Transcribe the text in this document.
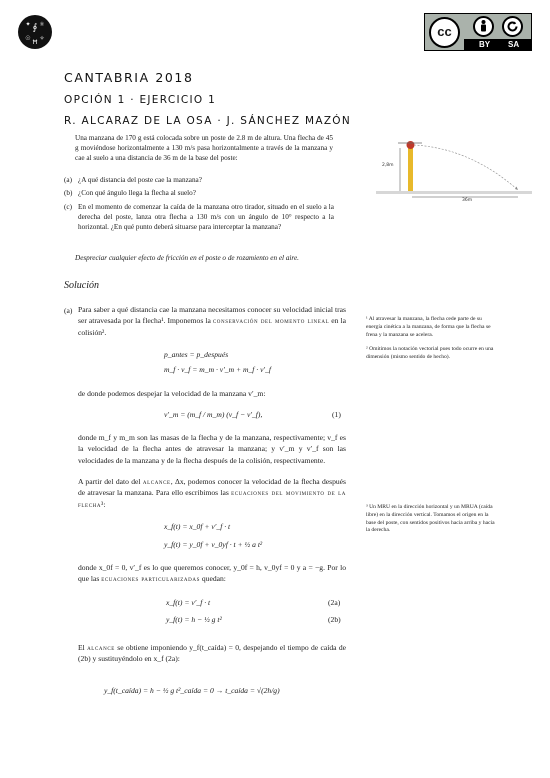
∮
✦ ⚛
☉ ✧
Ħ
cc
BY SA
CANTABRIA 2018
OPCIÓN 1 · EJERCICIO 1
R. ALCARAZ DE LA OSA · J. SÁNCHEZ MAZÓN
Una manzana de 170 g está colocada sobre un poste de 2.8 m de altura. Una flecha de 45 g moviéndose horizontalmente a 130 m/s pasa horizontalmente a través de la manzana y cae al suelo a una distancia de 36 m de la base del poste:
(a) ¿A qué distancia del poste cae la manzana?
(b) ¿Con qué ángulo llega la flecha al suelo?
(c) En el momento de comenzar la caída de la manzana otro tirador, situado en el suelo a la derecha del poste, lanza otra flecha a 130 m/s con un ángulo de 10° respecto a la horizontal. ¿En qué punto deberá situarse para interceptar la manzana?
2,8m
36m
Despreciar cualquier efecto de fricción en el poste o de rozamiento en el aire.
Solución
(a) Para saber a qué distancia cae la manzana necesitamos conocer su velocidad inicial tras ser atravesada por la flecha¹. Imponemos la conservación del momento lineal en la colisión².
p_antes = p_después
m_f · v_f = m_m · v′_m + m_f · v′_f
de donde podemos despejar la velocidad de la manzana v′_m:
v′_m = (m_f / m_m) (v_f − v′_f),	(1)
donde m_f y m_m son las masas de la flecha y de la manzana, respectivamente; v_f es la velocidad de la flecha antes de atravesar la manzana; y v′_m y v′_f son las velocidades de la manzana y de la flecha después de la colisión, respectivamente.
A partir del dato del alcance, Δx, podemos conocer la velocidad de la flecha después de atravesar la manzana. Para ello escribimos las ecuaciones del movimiento de la flecha³:
x_f(t) = x_0f + v′_f · t
y_f(t) = y_0f + v_0yf · t + ½ a t²
donde x_0f = 0, v′_f es lo que queremos conocer, y_0f = h, v_0yf = 0 y a = −g. Por lo que las ecuaciones particularizadas quedan:
x_f(t) = v′_f · t	(2a)
y_f(t) = h − ½ g t²	(2b)
El alcance se obtiene imponiendo y_f(t_caída) = 0, despejando el tiempo de caída de (2b) y sustituyéndolo en x_f (2a):
y_f(t_caída) = h − ½ g t²_caída = 0 → t_caída = √(2h/g)
¹ Al atravesar la manzana, la flecha cede parte de su energía cinética a la manzana, de forma que la flecha se frena y la manzana se acelera.
² Omitimos la notación vectorial pues todo ocurre en una dimensión (mismo sentido de hecho).
³ Un MRU en la dirección horizontal y un MRUA (caída libre) en la dirección vertical. Tomamos el origen en la base del poste, con sentidos positivos hacia arriba y hacia la derecha.
